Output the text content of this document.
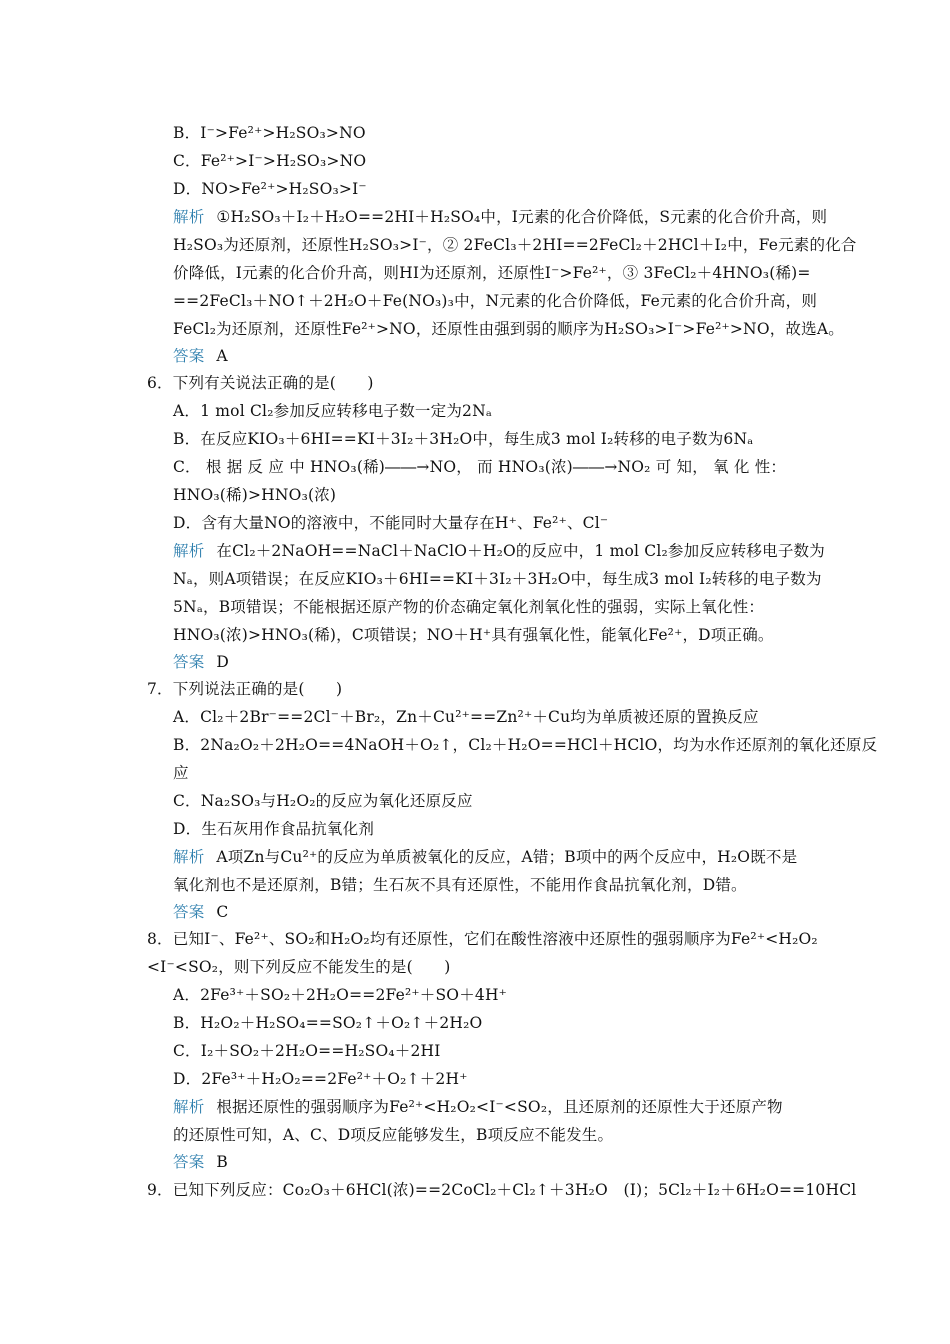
B．I⁻>Fe²⁺>H₂SO₃>NO
C．Fe²⁺>I⁻>H₂SO₃>NO
D．NO>Fe²⁺>H₂SO₃>I⁻
解析 ①H₂SO₃＋I₂＋H₂O==2HI＋H₂SO₄中，I元素的化合价降低，S元素的化合价升高，则
H₂SO₃为还原剂，还原性H₂SO₃>I⁻，② 2FeCl₃＋2HI==2FeCl₂＋2HCl＋I₂中，Fe元素的化合
价降低，I元素的化合价升高，则HI为还原剂，还原性I⁻>Fe²⁺，③ 3FeCl₂＋4HNO₃(稀)=
==2FeCl₃＋NO↑＋2H₂O＋Fe(NO₃)₃中，N元素的化合价降低，Fe元素的化合价升高，则
FeCl₂为还原剂，还原性Fe²⁺>NO，还原性由强到弱的顺序为H₂SO₃>I⁻>Fe²⁺>NO，故选A。
答案 A
6．下列有关说法正确的是(　　)
A．1 mol Cl₂参加反应转移电子数一定为2Nₐ
B．在反应KIO₃＋6HI==KI＋3I₂＋3H₂O中，每生成3 mol I₂转移的电子数为6Nₐ
C． 根 据 反 应 中 HNO₃(稀)――→NO， 而 HNO₃(浓)――→NO₂ 可 知， 氧 化 性：
HNO₃(稀)>HNO₃(浓)
D．含有大量NO的溶液中，不能同时大量存在H⁺、Fe²⁺、Cl⁻
解析 在Cl₂＋2NaOH==NaCl＋NaClO＋H₂O的反应中，1 mol Cl₂参加反应转移电子数为
Nₐ，则A项错误；在反应KIO₃＋6HI==KI＋3I₂＋3H₂O中，每生成3 mol I₂转移的电子数为
5Nₐ，B项错误；不能根据还原产物的价态确定氧化剂氧化性的强弱，实际上氧化性：
HNO₃(浓)>HNO₃(稀)，C项错误；NO＋H⁺具有强氧化性，能氧化Fe²⁺，D项正确。
答案 D
7．下列说法正确的是(　　)
A．Cl₂＋2Br⁻==2Cl⁻＋Br₂，Zn＋Cu²⁺==Zn²⁺＋Cu均为单质被还原的置换反应
B．2Na₂O₂＋2H₂O==4NaOH＋O₂↑，Cl₂＋H₂O==HCl＋HClO，均为水作还原剂的氧化还原反
应
C．Na₂SO₃与H₂O₂的反应为氧化还原反应
D．生石灰用作食品抗氧化剂
解析 A项Zn与Cu²⁺的反应为单质被氧化的反应，A错；B项中的两个反应中，H₂O既不是
氧化剂也不是还原剂，B错；生石灰不具有还原性，不能用作食品抗氧化剂，D错。
答案 C
8．已知I⁻、Fe²⁺、SO₂和H₂O₂均有还原性，它们在酸性溶液中还原性的强弱顺序为Fe²⁺<H₂O₂
<I⁻<SO₂，则下列反应不能发生的是(　　)
A．2Fe³⁺＋SO₂＋2H₂O==2Fe²⁺＋SO＋4H⁺
B．H₂O₂＋H₂SO₄==SO₂↑＋O₂↑＋2H₂O
C．I₂＋SO₂＋2H₂O==H₂SO₄＋2HI
D．2Fe³⁺＋H₂O₂==2Fe²⁺＋O₂↑＋2H⁺
解析 根据还原性的强弱顺序为Fe²⁺<H₂O₂<I⁻<SO₂，且还原剂的还原性大于还原产物
的还原性可知，A、C、D项反应能够发生，B项反应不能发生。
答案 B
9．已知下列反应：Co₂O₃＋6HCl(浓)==2CoCl₂＋Cl₂↑＋3H₂O　(Ⅰ)；5Cl₂＋I₂＋6H₂O==10HCl
